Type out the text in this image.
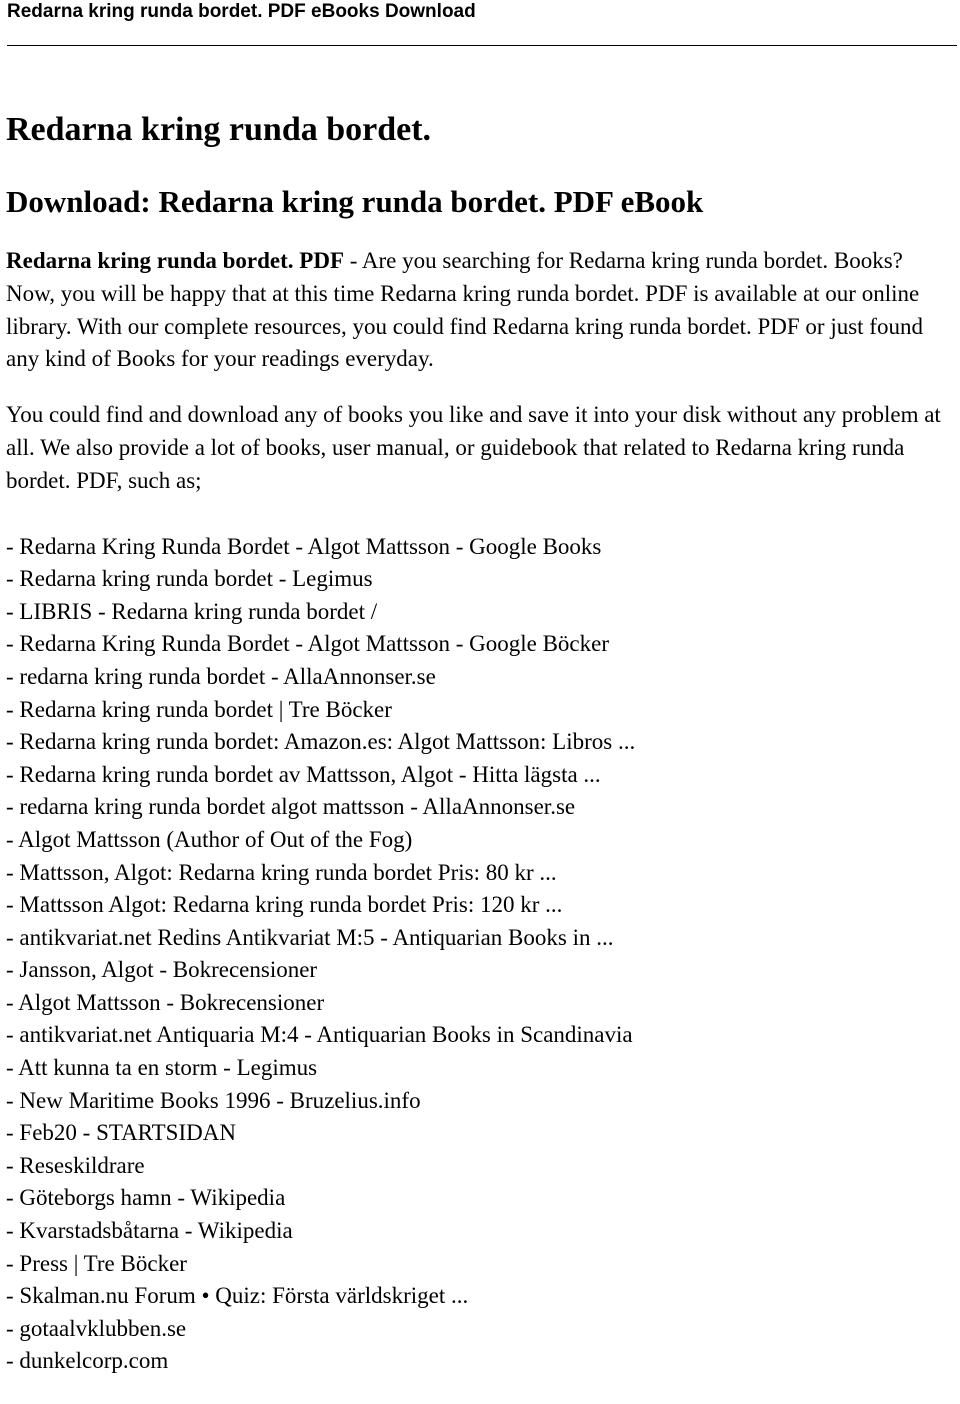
Redarna kring runda bordet. PDF eBooks Download
Redarna kring runda bordet.
Download: Redarna kring runda bordet. PDF eBook

Redarna kring runda bordet. PDF - Are you searching for Redarna kring runda bordet. Books? Now, you will be happy that at this time Redarna kring runda bordet. PDF is available at our online library. With our complete resources, you could find Redarna kring runda bordet. PDF or just found any kind of Books for your readings everyday.

You could find and download any of books you like and save it into your disk without any problem at all. We also provide a lot of books, user manual, or guidebook that related to Redarna kring runda bordet. PDF, such as;

- Redarna Kring Runda Bordet - Algot Mattsson - Google Books
- Redarna kring runda bordet - Legimus
- LIBRIS - Redarna kring runda bordet /
- Redarna Kring Runda Bordet - Algot Mattsson - Google Böcker
- redarna kring runda bordet - AllaAnnonser.se
- Redarna kring runda bordet | Tre Böcker
- Redarna kring runda bordet: Amazon.es: Algot Mattsson: Libros ...
- Redarna kring runda bordet av Mattsson, Algot - Hitta lägsta ...
- redarna kring runda bordet algot mattsson - AllaAnnonser.se
- Algot Mattsson (Author of Out of the Fog)
- Mattsson, Algot: Redarna kring runda bordet Pris: 80 kr ...
- Mattsson Algot: Redarna kring runda bordet Pris: 120 kr ...
- antikvariat.net Redins Antikvariat M:5 - Antiquarian Books in ...
- Jansson, Algot - Bokrecensioner
- Algot Mattsson - Bokrecensioner
- antikvariat.net Antiquaria M:4 - Antiquarian Books in Scandinavia
- Att kunna ta en storm - Legimus
- New Maritime Books 1996 - Bruzelius.info
- Feb20 - STARTSIDAN
- Reseskildrare
- Göteborgs hamn - Wikipedia
- Kvarstadsbåtarna - Wikipedia
- Press | Tre Böcker
- Skalman.nu Forum • Quiz: Första världskriget ...
- gotaalvklubben.se
- dunkelcorp.com
